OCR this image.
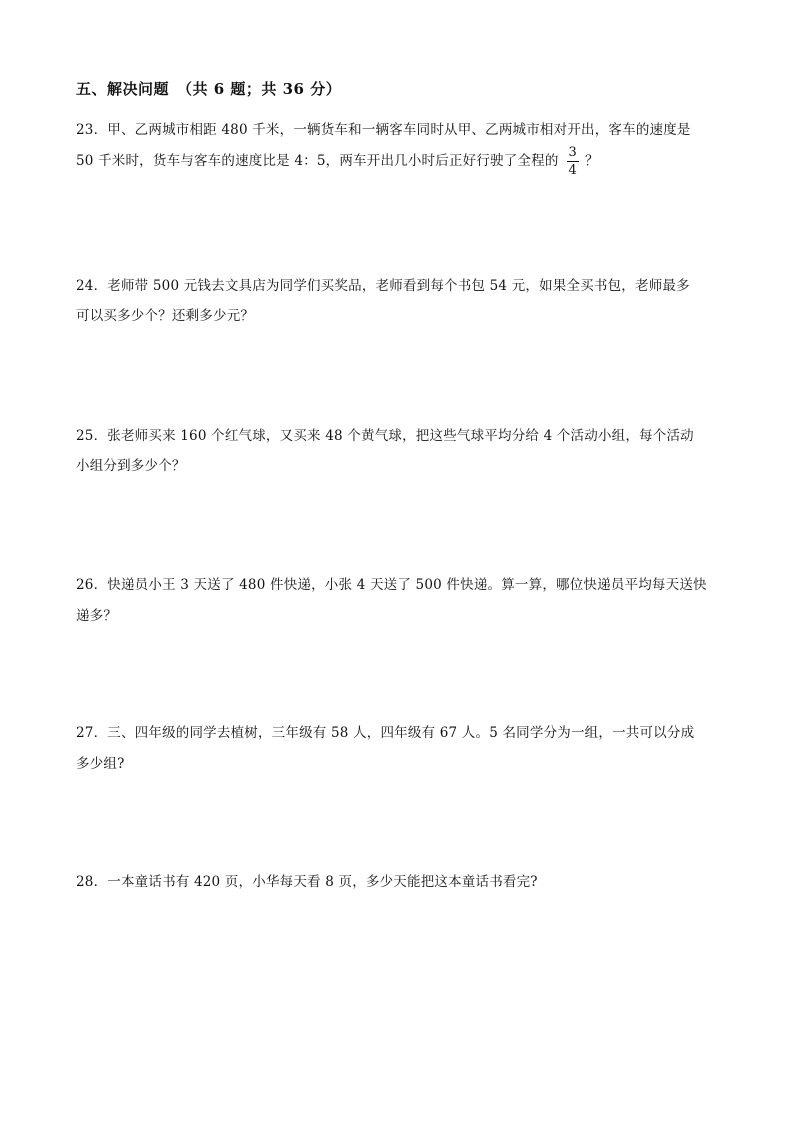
五、解决问题　（共 6 题；共 36 分）
23．甲、乙两城市相距 480 千米，一辆货车和一辆客车同时从甲、乙两城市相对开出，客车的速度是
50 千米时，货车与客车的速度比是 4：5，两车开出几小时后正好行驶了全程的 $\frac{3}{4}$ ？
24．老师带 500 元钱去文具店为同学们买奖品，老师看到每个书包 54 元，如果全买书包，老师最多
可以买多少个？还剩多少元？
25．张老师买来 160 个红气球，又买来 48 个黄气球，把这些气球平均分给 4 个活动小组，每个活动
小组分到多少个？
26．快递员小王 3 天送了 480 件快递，小张 4 天送了 500 件快递。算一算，哪位快递员平均每天送快
递多？
27．三、四年级的同学去植树，三年级有 58 人，四年级有 67 人。5 名同学分为一组，一共可以分成
多少组?
28．一本童话书有 420 页，小华每天看 8 页，多少天能把这本童话书看完?
